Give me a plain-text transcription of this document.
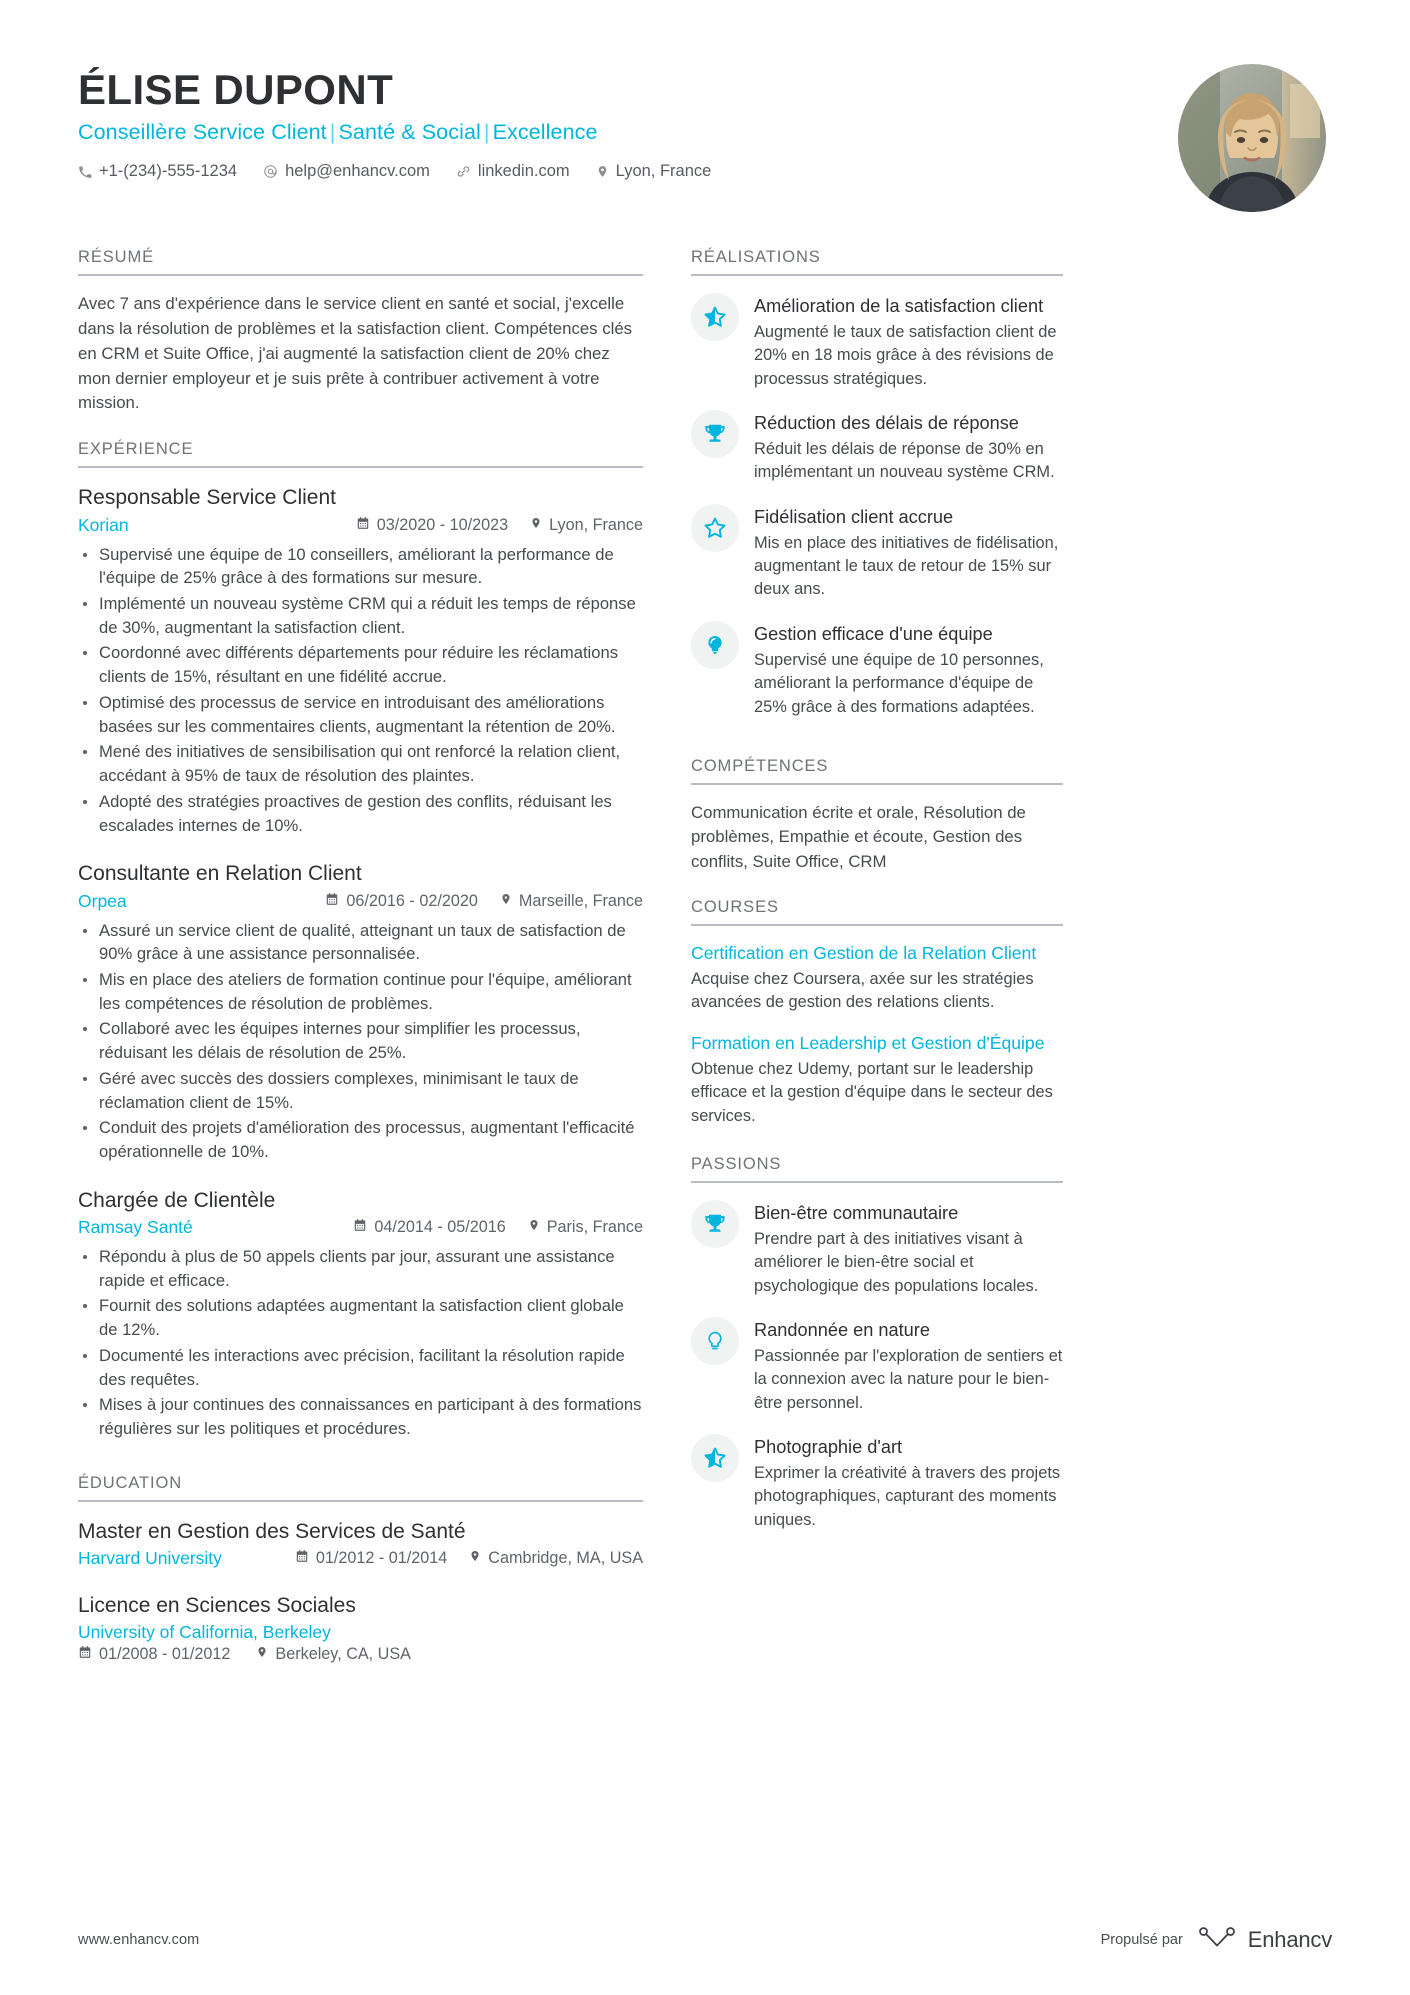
ÉLISE DUPONT
Conseillère Service Client | Santé & Social | Excellence
+1-(234)-555-1234	help@enhancv.com	linkedin.com	Lyon, France
RÉSUMÉ
Avec 7 ans d'expérience dans le service client en santé et social, j'excelle dans la résolution de problèmes et la satisfaction client. Compétences clés en CRM et Suite Office, j'ai augmenté la satisfaction client de 20% chez mon dernier employeur et je suis prête à contribuer activement à votre mission.
EXPÉRIENCE
Responsable Service Client
Korian	03/2020 - 10/2023	Lyon, France
Supervisé une équipe de 10 conseillers, améliorant la performance de l'équipe de 25% grâce à des formations sur mesure.
Implémenté un nouveau système CRM qui a réduit les temps de réponse de 30%, augmentant la satisfaction client.
Coordonné avec différents départements pour réduire les réclamations clients de 15%, résultant en une fidélité accrue.
Optimisé des processus de service en introduisant des améliorations basées sur les commentaires clients, augmentant la rétention de 20%.
Mené des initiatives de sensibilisation qui ont renforcé la relation client, accédant à 95% de taux de résolution des plaintes.
Adopté des stratégies proactives de gestion des conflits, réduisant les escalades internes de 10%.
Consultante en Relation Client
Orpea	06/2016 - 02/2020	Marseille, France
Assuré un service client de qualité, atteignant un taux de satisfaction de 90% grâce à une assistance personnalisée.
Mis en place des ateliers de formation continue pour l'équipe, améliorant les compétences de résolution de problèmes.
Collaboré avec les équipes internes pour simplifier les processus, réduisant les délais de résolution de 25%.
Géré avec succès des dossiers complexes, minimisant le taux de réclamation client de 15%.
Conduit des projets d'amélioration des processus, augmentant l'efficacité opérationnelle de 10%.
Chargée de Clientèle
Ramsay Santé	04/2014 - 05/2016	Paris, France
Répondu à plus de 50 appels clients par jour, assurant une assistance rapide et efficace.
Fournit des solutions adaptées augmentant la satisfaction client globale de 12%.
Documenté les interactions avec précision, facilitant la résolution rapide des requêtes.
Mises à jour continues des connaissances en participant à des formations régulières sur les politiques et procédures.
ÉDUCATION
Master en Gestion des Services de Santé
Harvard University	01/2012 - 01/2014	Cambridge, MA, USA
Licence en Sciences Sociales
University of California, Berkeley
01/2008 - 01/2012	Berkeley, CA, USA
RÉALISATIONS
Amélioration de la satisfaction client
Augmenté le taux de satisfaction client de 20% en 18 mois grâce à des révisions de processus stratégiques.
Réduction des délais de réponse
Réduit les délais de réponse de 30% en implémentant un nouveau système CRM.
Fidélisation client accrue
Mis en place des initiatives de fidélisation, augmentant le taux de retour de 15% sur deux ans.
Gestion efficace d'une équipe
Supervisé une équipe de 10 personnes, améliorant la performance d'équipe de 25% grâce à des formations adaptées.
COMPÉTENCES
Communication écrite et orale, Résolution de problèmes, Empathie et écoute, Gestion des conflits, Suite Office, CRM
COURSES
Certification en Gestion de la Relation Client
Acquise chez Coursera, axée sur les stratégies avancées de gestion des relations clients.
Formation en Leadership et Gestion d'Équipe
Obtenue chez Udemy, portant sur le leadership efficace et la gestion d'équipe dans le secteur des services.
PASSIONS
Bien-être communautaire
Prendre part à des initiatives visant à améliorer le bien-être social et psychologique des populations locales.
Randonnée en nature
Passionnée par l'exploration de sentiers et la connexion avec la nature pour le bien-être personnel.
Photographie d'art
Exprimer la créativité à travers des projets photographiques, capturant des moments uniques.
www.enhancv.com	Propulsé par	Enhancv
